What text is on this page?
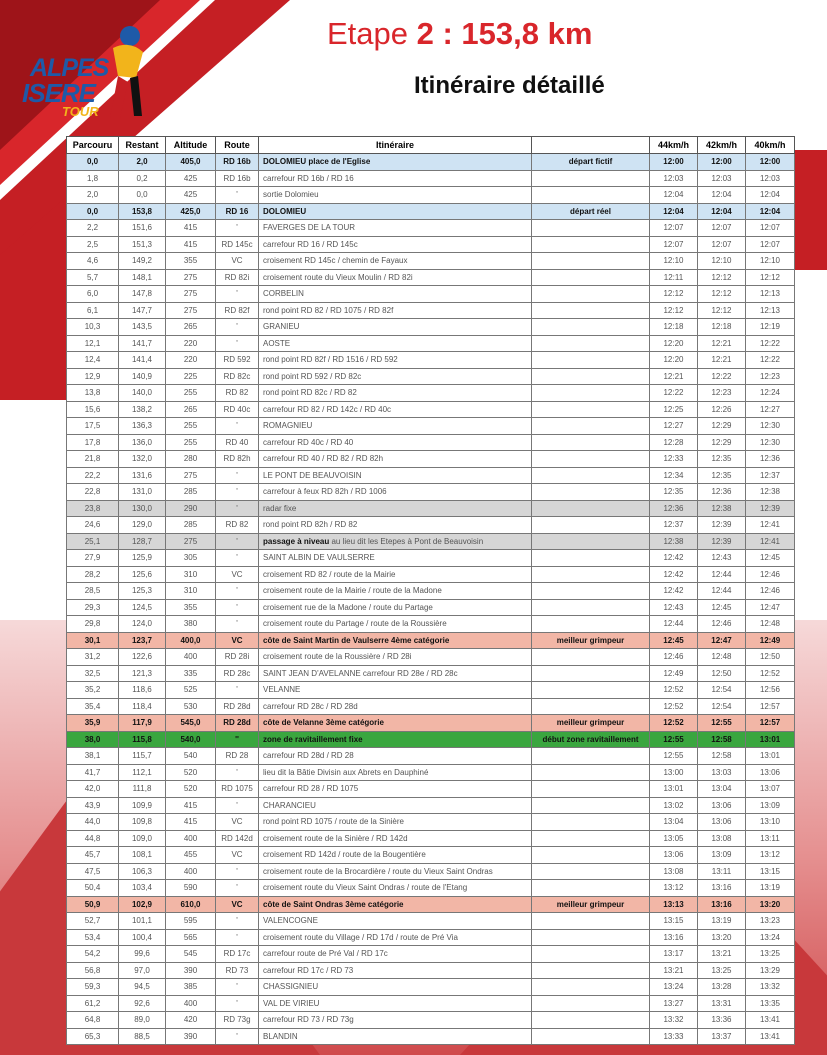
ALPES
ISERE
TOUR
Etape 2 : 153,8 km
Itinéraire détaillé
Parcouru	Restant	Altitude	Route	Itinéraire		44km/h	42km/h	40km/h
0,0	2,0	405,0	RD 16b	DOLOMIEU place de l'Eglise	départ fictif	12:00	12:00	12:00
1,8	0,2	425	RD 16b	carrefour RD 16b / RD 16		12:03	12:03	12:03
2,0	0,0	425	'	sortie Dolomieu		12:04	12:04	12:04
0,0	153,8	425,0	RD 16	DOLOMIEU	départ réel	12:04	12:04	12:04
2,2	151,6	415	'	FAVERGES DE LA TOUR		12:07	12:07	12:07
2,5	151,3	415	RD 145c	carrefour RD 16 / RD 145c		12:07	12:07	12:07
4,6	149,2	355	VC	croisement RD 145c / chemin de Fayaux		12:10	12:10	12:10
5,7	148,1	275	RD 82i	croisement route du Vieux Moulin / RD 82i		12:11	12:12	12:12
6,0	147,8	275	'	CORBELIN		12:12	12:12	12:13
6,1	147,7	275	RD 82f	rond point RD 82 / RD 1075 / RD 82f		12:12	12:12	12:13
10,3	143,5	265	'	GRANIEU		12:18	12:18	12:19
12,1	141,7	220	'	AOSTE		12:20	12:21	12:22
12,4	141,4	220	RD 592	rond point RD 82f / RD 1516 / RD 592		12:20	12:21	12:22
12,9	140,9	225	RD 82c	rond point RD 592 / RD 82c		12:21	12:22	12:23
13,8	140,0	255	RD 82	rond point RD 82c / RD 82		12:22	12:23	12:24
15,6	138,2	265	RD 40c	carrefour RD 82 / RD 142c / RD 40c		12:25	12:26	12:27
17,5	136,3	255	'	ROMAGNIEU		12:27	12:29	12:30
17,8	136,0	255	RD 40	carrefour RD 40c / RD 40		12:28	12:29	12:30
21,8	132,0	280	RD 82h	carrefour RD 40 / RD 82 / RD 82h		12:33	12:35	12:36
22,2	131,6	275	'	LE PONT DE BEAUVOISIN		12:34	12:35	12:37
22,8	131,0	285	'	carrefour à feux RD 82h / RD 1006		12:35	12:36	12:38
23,8	130,0	290	'	radar fixe		12:36	12:38	12:39
24,6	129,0	285	RD 82	rond point RD 82h / RD 82		12:37	12:39	12:41
25,1	128,7	275	'	passage à niveau au lieu dit les Etepes à Pont de Beauvoisin		12:38	12:39	12:41
27,9	125,9	305	'	SAINT ALBIN DE VAULSERRE		12:42	12:43	12:45
28,2	125,6	310	VC	croisement RD 82 / route de la Mairie		12:42	12:44	12:46
28,5	125,3	310	'	croisement route de la Mairie / route de la Madone		12:42	12:44	12:46
29,3	124,5	355	'	croisement rue de la Madone / route du Partage		12:43	12:45	12:47
29,8	124,0	380	'	croisement route du Partage / route de la Roussière		12:44	12:46	12:48
30,1	123,7	400,0	VC	côte de Saint Martin de Vaulserre 4ème catégorie	meilleur grimpeur	12:45	12:47	12:49
31,2	122,6	400	RD 28i	croisement route de la Roussière / RD 28i		12:46	12:48	12:50
32,5	121,3	335	RD 28c	SAINT JEAN D'AVELANNE carrefour RD 28e / RD 28c		12:49	12:50	12:52
35,2	118,6	525	'	VELANNE		12:52	12:54	12:56
35,4	118,4	530	RD 28d	carrefour RD 28c / RD 28d		12:52	12:54	12:57
35,9	117,9	545,0	RD 28d	côte de Velanne 3ème catégorie	meilleur grimpeur	12:52	12:55	12:57
38,0	115,8	540,0	''	zone de ravitaillement fixe	début zone ravitaillement	12:55	12:58	13:01
38,1	115,7	540	RD 28	carrefour RD 28d / RD 28		12:55	12:58	13:01
41,7	112,1	520	'	lieu dit la Bâtie Divisin aux Abrets en Dauphiné		13:00	13:03	13:06
42,0	111,8	520	RD 1075	carrefour RD 28 / RD 1075		13:01	13:04	13:07
43,9	109,9	415	'	CHARANCIEU		13:02	13:06	13:09
44,0	109,8	415	VC	rond point RD 1075 / route de la Sinière		13:04	13:06	13:10
44,8	109,0	400	RD 142d	croisement route de la Sinière / RD 142d		13:05	13:08	13:11
45,7	108,1	455	VC	croisement RD 142d / route de la Bougentière		13:06	13:09	13:12
47,5	106,3	400	'	croisement route de la Brocardière / route du Vieux Saint Ondras		13:08	13:11	13:15
50,4	103,4	590	'	croisement route du Vieux Saint Ondras / route de l'Etang		13:12	13:16	13:19
50,9	102,9	610,0	VC	côte de Saint Ondras 3ème catégorie	meilleur grimpeur	13:13	13:16	13:20
52,7	101,1	595	'	VALENCOGNE		13:15	13:19	13:23
53,4	100,4	565	'	croisement route du Village / RD 17d / route de Pré Via		13:16	13:20	13:24
54,2	99,6	545	RD 17c	carrefour route de Pré Val / RD 17c		13:17	13:21	13:25
56,8	97,0	390	RD 73	carrefour RD 17c / RD 73		13:21	13:25	13:29
59,3	94,5	385	'	CHASSIGNIEU		13:24	13:28	13:32
61,2	92,6	400	'	VAL DE VIRIEU		13:27	13:31	13:35
64,8	89,0	420	RD 73g	carrefour RD 73 / RD 73g		13:32	13:36	13:41
65,3	88,5	390	'	BLANDIN		13:33	13:37	13:41
